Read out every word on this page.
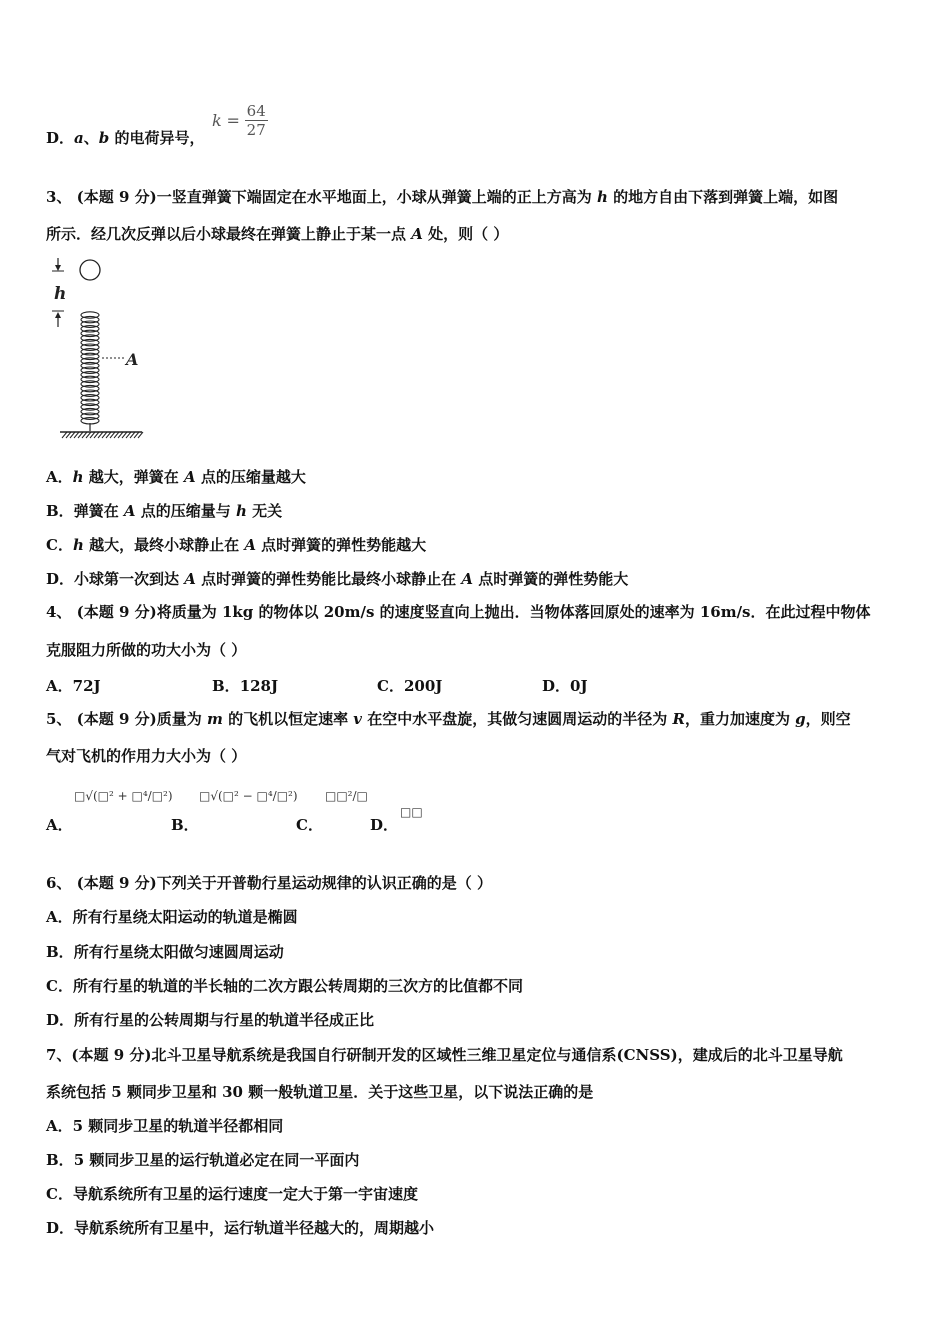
D．a、b 的电荷异号，
$k = \frac{64}{27}$
3、 (本题 9 分)一竖直弹簧下端固定在水平地面上，小球从弹簧上端的正上方高为 h 的地方自由下落到弹簧上端，如图
所示．经几次反弹以后小球最终在弹簧上静止于某一点 A 处，则（ ）
h
A
A．h 越大，弹簧在 A 点的压缩量越大
B．弹簧在 A 点的压缩量与 h 无关
C．h 越大，最终小球静止在 A 点时弹簧的弹性势能越大
D．小球第一次到达 A 点时弹簧的弹性势能比最终小球静止在 A 点时弹簧的弹性势能大
4、 (本题 9 分)将质量为 1kg 的物体以 20m/s 的速度竖直向上抛出．当物体落回原处的速率为 16m/s．在此过程中物体
克服阻力所做的功大小为（ ）
A．72J	B．128J	C．200J	D．0J
5、 (本题 9 分)质量为 m 的飞机以恒定速率 v 在空中水平盘旋，其做匀速圆周运动的半径为 R，重力加速度为 g，则空
气对飞机的作用力大小为（ ）
A．
□√(□² + □⁴/□²)
B．
□√(□² − □⁴/□²)
C．
□□²/□
D．
□□
6、 (本题 9 分)下列关于开普勒行星运动规律的认识正确的是（ ）
A．所有行星绕太阳运动的轨道是椭圆
B．所有行星绕太阳做匀速圆周运动
C．所有行星的轨道的半长轴的二次方跟公转周期的三次方的比值都不同
D．所有行星的公转周期与行星的轨道半径成正比
7、(本题 9 分)北斗卫星导航系统是我国自行研制开发的区域性三维卫星定位与通信系(CNSS)，建成后的北斗卫星导航
系统包括 5 颗同步卫星和 30 颗一般轨道卫星．关于这些卫星，以下说法正确的是
A．5 颗同步卫星的轨道半径都相同
B．5 颗同步卫星的运行轨道必定在同一平面内
C．导航系统所有卫星的运行速度一定大于第一宇宙速度
D．导航系统所有卫星中，运行轨道半径越大的，周期越小
